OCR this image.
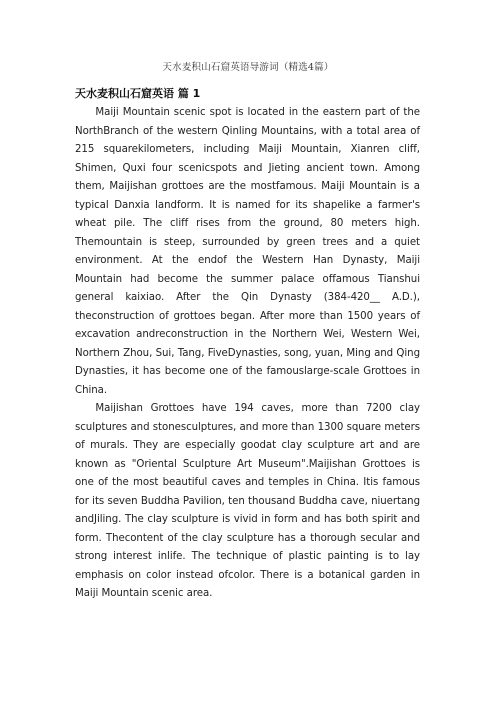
天水麦积山石窟英语导游词（精选4篇）
天水麦积山石窟英语 篇 1

Maiji Mountain scenic spot is located in the eastern part of the NorthBranch of the western Qinling Mountains, with a total area of 215 squarekilometers, including Maiji Mountain, Xianren cliff, Shimen, Quxi four scenicspots and Jieting ancient town. Among them, Maijishan grottoes are the mostfamous. Maiji Mountain is a typical Danxia landform. It is named for its shapelike a farmer's wheat pile. The cliff rises from the ground, 80 meters high. Themountain is steep, surrounded by green trees and a quiet environment. At the endof the Western Han Dynasty, Maiji Mountain had become the summer palace offamous Tianshui general kaixiao. After the Qin Dynasty (384-420__ A.D.), theconstruction of grottoes began. After more than 1500 years of excavation andreconstruction in the Northern Wei, Western Wei, Northern Zhou, Sui, Tang, FiveDynasties, song, yuan, Ming and Qing Dynasties, it has become one of the famouslarge-scale Grottoes in China.

Maijishan Grottoes have 194 caves, more than 7200 clay sculptures and stonesculptures, and more than 1300 square meters of murals. They are especially goodat clay sculpture art and are known as "Oriental Sculpture Art Museum".Maijishan Grottoes is one of the most beautiful caves and temples in China. Itis famous for its seven Buddha Pavilion, ten thousand Buddha cave, niuertang andJiling. The clay sculpture is vivid in form and has both spirit and form. Thecontent of the clay sculpture has a thorough secular and strong interest inlife. The technique of plastic painting is to lay emphasis on color instead ofcolor. There is a botanical garden in Maiji Mountain scenic area.
